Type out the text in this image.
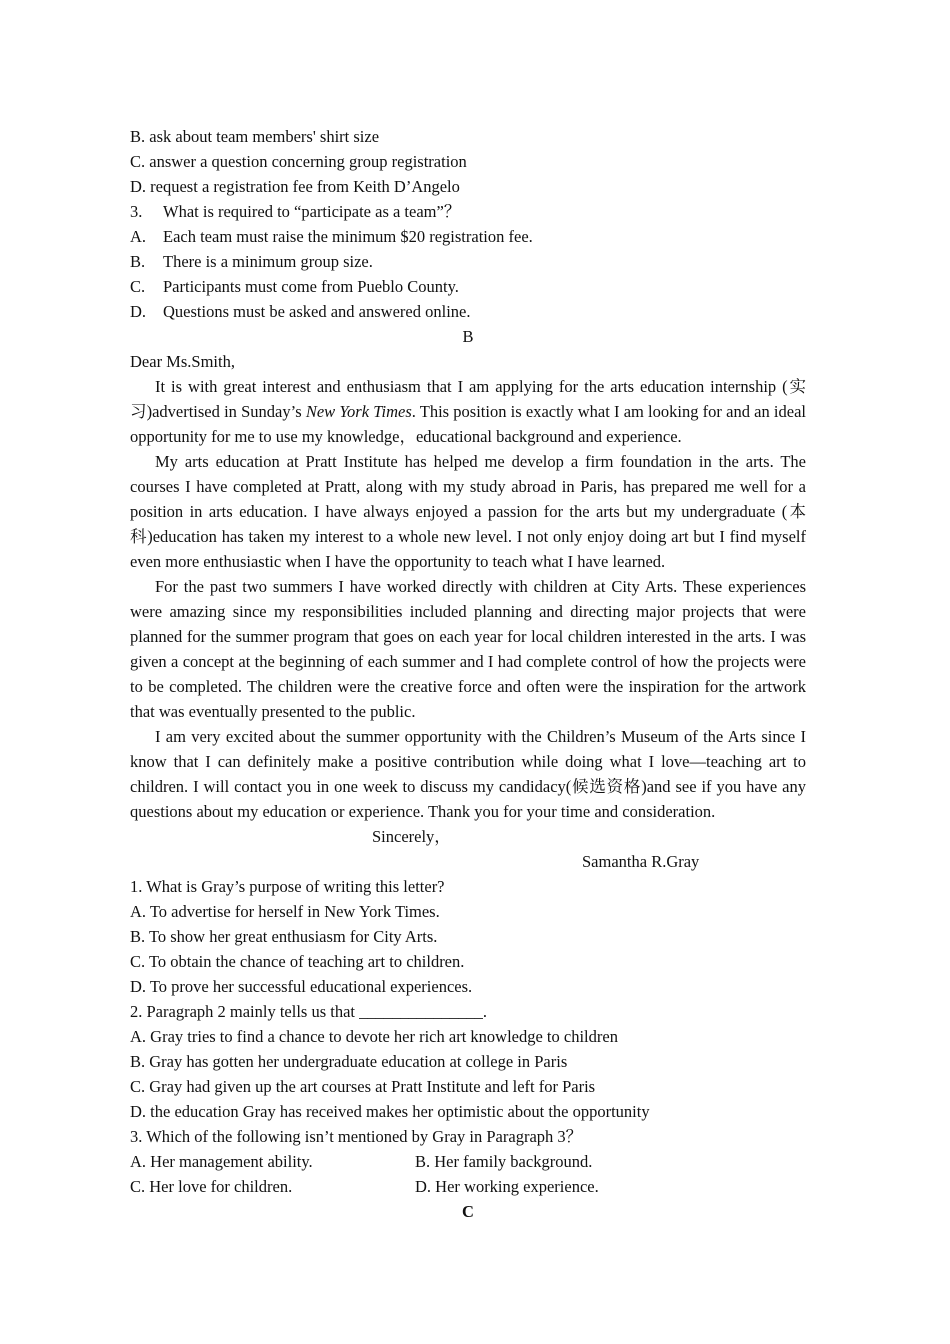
B. ask about team members' shirt size

C. answer a question concerning group registration

D. request a registration fee from Keith D’Angelo

3. What is required to “participate as a team”？

A. Each team must raise the minimum $20 registration fee.

B. There is a minimum group size.

C. Participants must come from Pueblo County.

D. Questions must be asked and answered online.

B

Dear Ms.Smith,

It is with great interest and enthusiasm that I am applying for the arts education internship (实习)advertised in Sunday’s New York Times. This position is exactly what I am looking for and an ideal opportunity for me to use my knowledge，educational background and experience.

My arts education at Pratt Institute has helped me develop a firm foundation in the arts. The courses I have completed at Pratt, along with my study abroad in Paris, has prepared me well for a position in arts education. I have always enjoyed a passion for the arts but my undergraduate (本科)education has taken my interest to a whole new level. I not only enjoy doing art but I find myself even more enthusiastic when I have the opportunity to teach what I have learned.

For the past two summers I have worked directly with children at City Arts. These experiences were amazing since my responsibilities included planning and directing major projects that were planned for the summer program that goes on each year for local children interested in the arts. I was given a concept at the beginning of each summer and I had complete control of how the projects were to be completed. The children were the creative force and often were the inspiration for the artwork that was eventually presented to the public.

I am very excited about the summer opportunity with the Children’s Museum of the Arts since I know that I can definitely make a positive contribution while doing what I love—teaching art to children. I will contact you in one week to discuss my candidacy(候选资格)and see if you have any questions about my education or experience. Thank you for your time and consideration.

Sincerely，

Samantha R.Gray

1. What is Gray’s purpose of writing this letter?

A. To advertise for herself in New York Times.

B. To show her great enthusiasm for City Arts.

C. To obtain the chance of teaching art to children.

D. To prove her successful educational experiences.

2. Paragraph 2 mainly tells us that _______________.

A. Gray tries to find a chance to devote her rich art knowledge to children

B. Gray has gotten her undergraduate education at college in Paris

C. Gray had given up the art courses at Pratt Institute and left for Paris

D. the education Gray has received makes her optimistic about the opportunity

3. Which of the following isn’t mentioned by Gray in Paragraph 3？

A. Her management ability.	B. Her family background.
C. Her love for children.	D. Her working experience.

C
